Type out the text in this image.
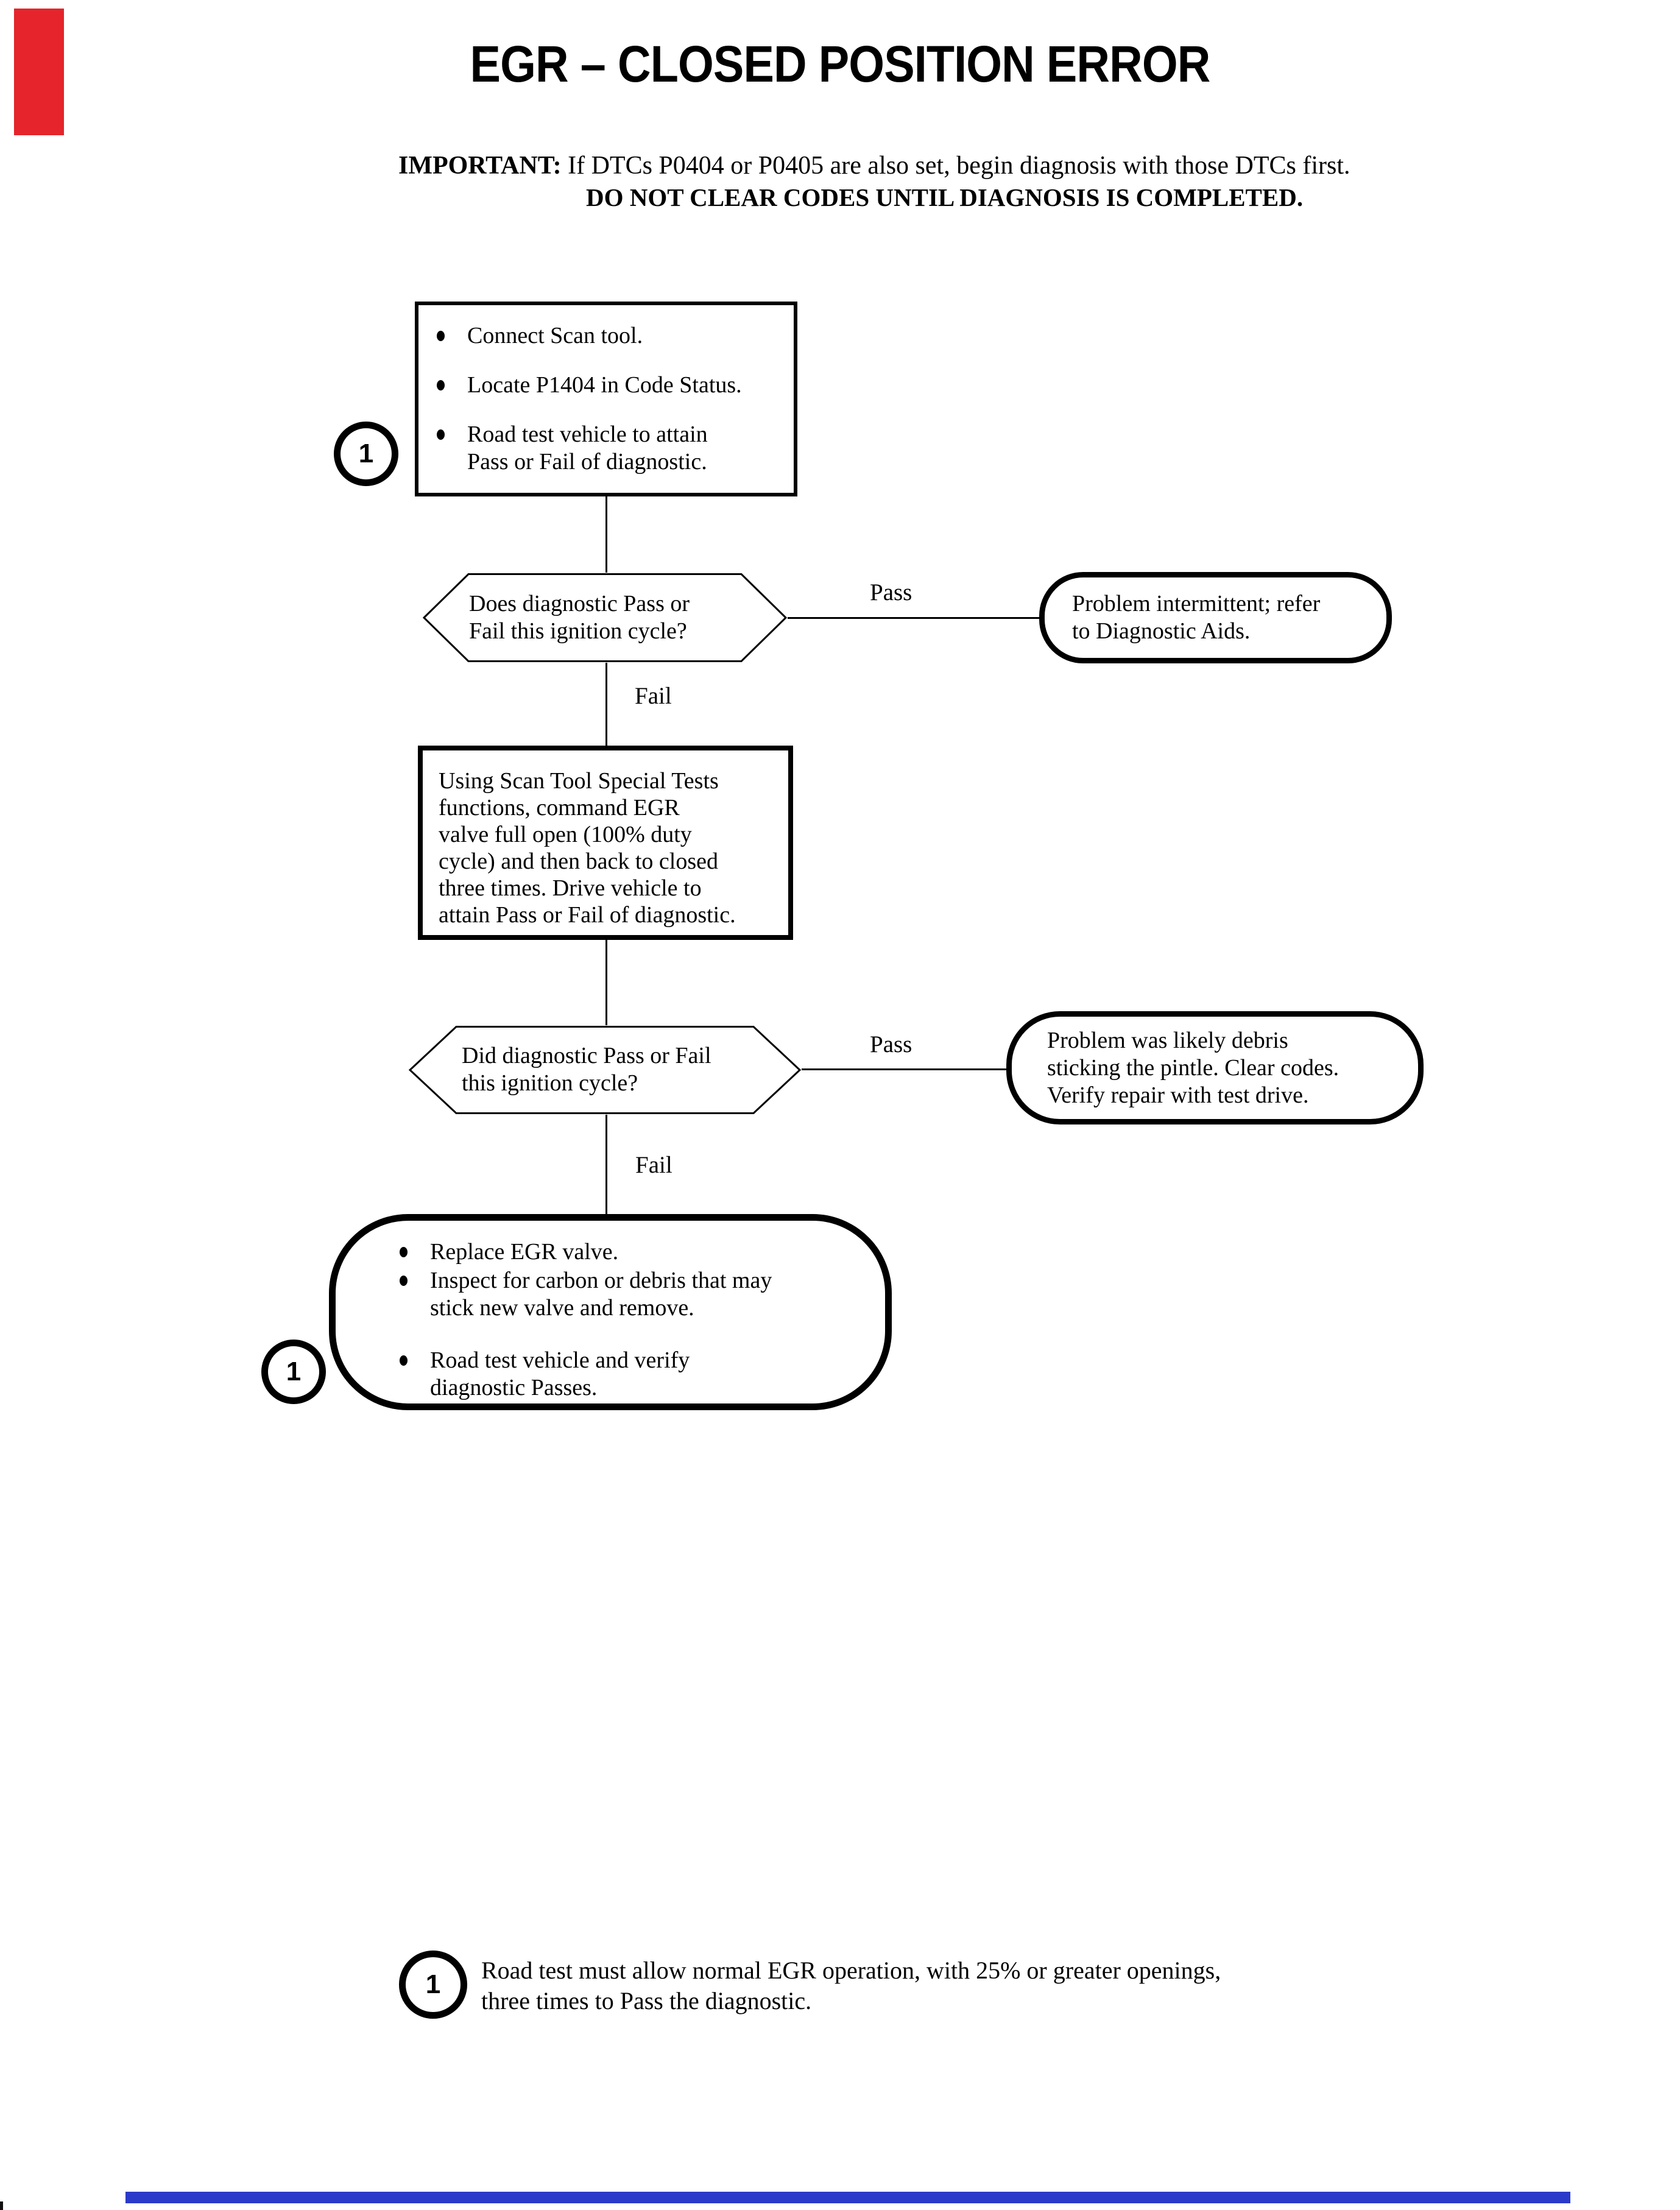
EGR – CLOSED POSITION ERROR
IMPORTANT: If DTCs P0404 or P0405 are also set, begin diagnosis with those DTCs first.
DO NOT CLEAR CODES UNTIL DIAGNOSIS IS COMPLETED.
1
Connect Scan tool.
Locate P1404 in Code Status.
Road test vehicle to attain
Pass or Fail of diagnostic.
Does diagnostic Pass or
Fail this ignition cycle?
Pass	Problem intermittent; refer
to Diagnostic Aids.
Fail
Using Scan Tool Special Tests
functions, command EGR
valve full open (100% duty
cycle) and then back to closed
three times. Drive vehicle to
attain Pass or Fail of diagnostic.
Did diagnostic Pass or Fail
this ignition cycle?
Pass	Problem was likely debris
sticking the pintle. Clear codes.
Verify repair with test drive.
Fail
1
Replace EGR valve.
Inspect for carbon or debris that may
stick new valve and remove.
Road test vehicle and verify
diagnostic Passes.
1 Road test must allow normal EGR operation, with 25% or greater openings,
three times to Pass the diagnostic.
